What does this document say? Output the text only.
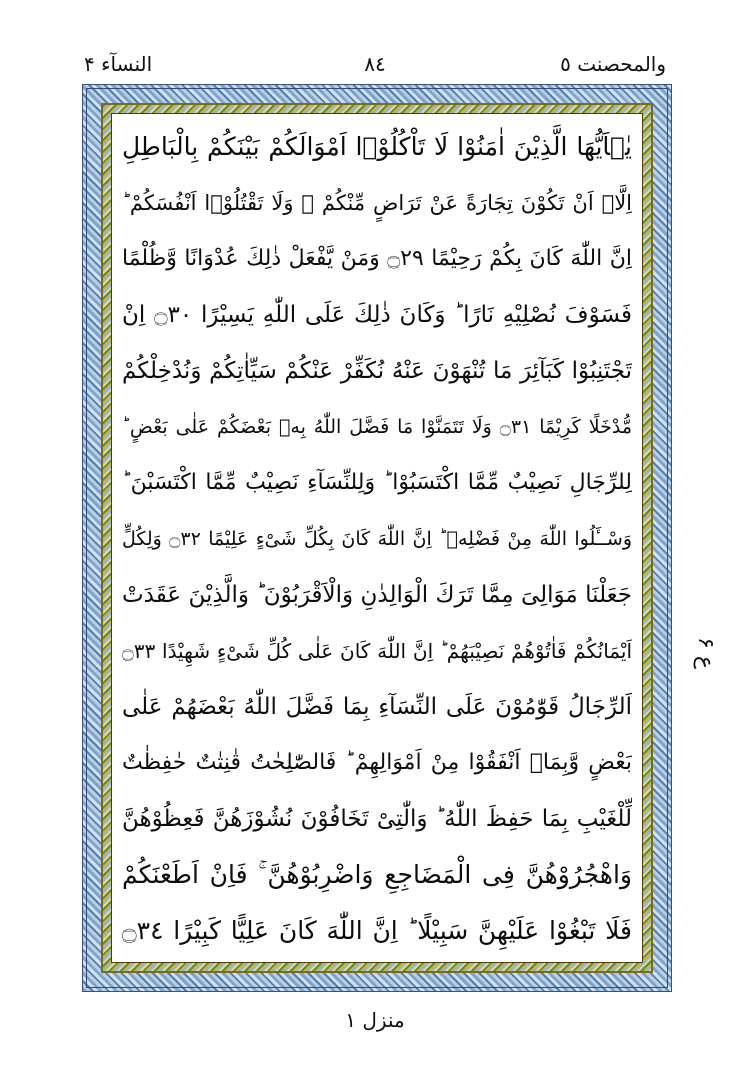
والمحصنت ٥
٨٤
النسآء ۴
يٰۤاَيُّهَا الَّذِيْنَ اٰمَنُوْا لَا تَاْكُلُوْۤا اَمْوَالَكُمْ بَيْنَكُمْ بِالْبَاطِلِ
اِلَّاۤ اَنْ تَكُوْنَ تِجَارَةً عَنْ تَرَاضٍ مِّنْكُمْ ۫ وَلَا تَقْتُلُوْۤا اَنْفُسَكُمْ ؕ
اِنَّ اللّٰهَ كَانَ بِكُمْ رَحِيْمًا ۝٢٩ وَمَنْ يَّفْعَلْ ذٰلِكَ عُدْوَانًا وَّظُلْمًا
فَسَوْفَ نُصْلِيْهِ نَارًا ؕ وَكَانَ ذٰلِكَ عَلَى اللّٰهِ يَسِيْرًا ۝٣٠ اِنْ
تَجْتَنِبُوْا كَبَآئِرَ مَا تُنْهَوْنَ عَنْهُ نُكَفِّرْ عَنْكُمْ سَيِّاٰتِكُمْ وَنُدْخِلْكُمْ
مُّدْخَلًا كَرِيْمًا ۝٣١ وَلَا تَتَمَنَّوْا مَا فَضَّلَ اللّٰهُ بِهٖ بَعْضَكُمْ عَلٰى بَعْضٍ ؕ
لِلرِّجَالِ نَصِيْبٌ مِّمَّا اكْتَسَبُوْا ؕ وَلِلنِّسَآءِ نَصِيْبٌ مِّمَّا اكْتَسَبْنَ ؕ
وَسْــَٔلُوا اللّٰهَ مِنْ فَضْلِهٖ ؕ اِنَّ اللّٰهَ كَانَ بِكُلِّ شَىْءٍ عَلِيْمًا ۝٣٢ وَلِكُلٍّ
جَعَلْنَا مَوَالِىَ مِمَّا تَرَكَ الْوَالِدٰنِ وَالْاَقْرَبُوْنَ ؕ وَالَّذِيْنَ عَقَدَتْ
اَيْمَانُكُمْ فَاٰتُوْهُمْ نَصِيْبَهُمْ ؕ اِنَّ اللّٰهَ كَانَ عَلٰى كُلِّ شَىْءٍ شَهِيْدًا ۝٣٣
اَلرِّجَالُ قَوّٰمُوْنَ عَلَى النِّسَآءِ بِمَا فَضَّلَ اللّٰهُ بَعْضَهُمْ عَلٰى
بَعْضٍ وَّبِمَاۤ اَنْفَقُوْا مِنْ اَمْوَالِهِمْ ؕ فَالصّٰلِحٰتُ قٰنِتٰتٌ حٰفِظٰتٌ
لِّلْغَيْبِ بِمَا حَفِظَ اللّٰهُ ؕ وَالّٰتِىْ تَخَافُوْنَ نُشُوْزَهُنَّ فَعِظُوْهُنَّ
وَاهْجُرُوْهُنَّ فِى الْمَضَاجِعِ وَاضْرِبُوْهُنَّ ۚ فَاِنْ اَطَعْنَكُمْ
فَلَا تَبْغُوْا عَلَيْهِنَّ سَبِيْلًا ؕ اِنَّ اللّٰهَ كَانَ عَلِيًّا كَبِيْرًا ۝٣٤
ع ۶
منزل ۱
